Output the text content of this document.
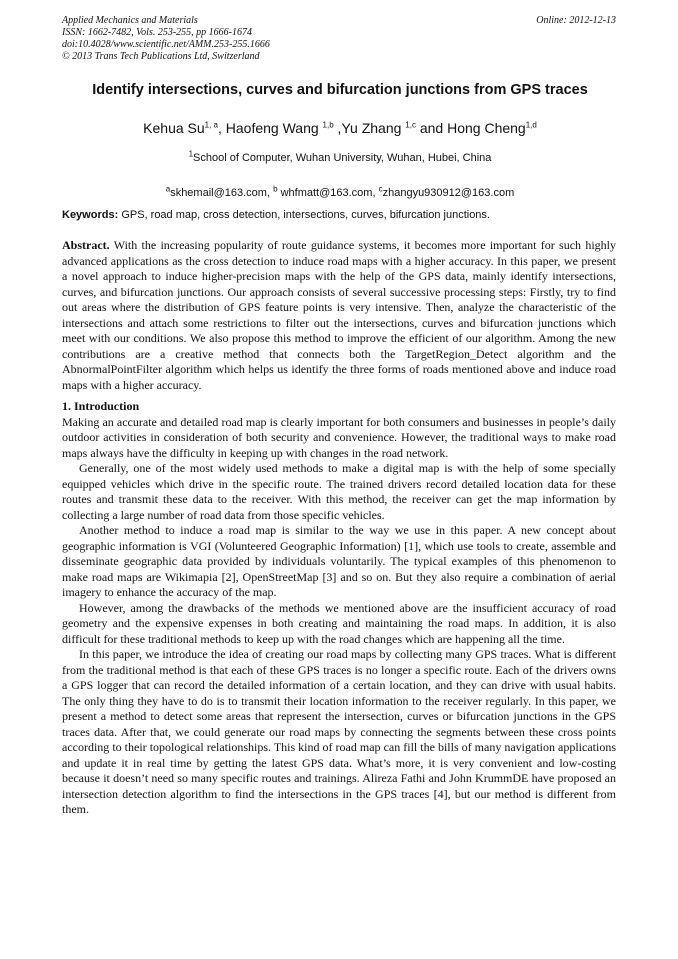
Applied Mechanics and Materials
ISSN: 1662-7482, Vols. 253-255, pp 1666-1674
doi:10.4028/www.scientific.net/AMM.253-255.1666
© 2013 Trans Tech Publications Ltd, Switzerland
Online: 2012-12-13
Identify intersections, curves and bifurcation junctions from GPS traces
Kehua Su$^{1, a}$, Haofeng Wang $^{1,b}$ ,Yu Zhang $^{1,c}$ and Hong Cheng$^{1,d}$
$^1$School of Computer, Wuhan University, Wuhan, Hubei, China
$^a$skhemail@163.com, $^b$ whfmatt@163.com, $^c$zhangyu930912@163.com
Keywords: GPS, road map, cross detection, intersections, curves, bifurcation junctions.

Abstract. With the increasing popularity of route guidance systems, it becomes more important for such highly advanced applications as the cross detection to induce road maps with a higher accuracy. In this paper, we present a novel approach to induce higher-precision maps with the help of the GPS data, mainly identify intersections, curves, and bifurcation junctions. Our approach consists of several successive processing steps: Firstly, try to find out areas where the distribution of GPS feature points is very intensive. Then, analyze the characteristic of the intersections and attach some restrictions to filter out the intersections, curves and bifurcation junctions which meet with our conditions. We also propose this method to improve the efficient of our algorithm. Among the new contributions are a creative method that connects both the TargetRegion_Detect algorithm and the AbnormalPointFilter algorithm which helps us identify the three forms of roads mentioned above and induce road maps with a higher accuracy.

1. Introduction

Making an accurate and detailed road map is clearly important for both consumers and businesses in people’s daily outdoor activities in consideration of both security and convenience. However, the traditional ways to make road maps always have the difficulty in keeping up with changes in the road network.

Generally, one of the most widely used methods to make a digital map is with the help of some specially equipped vehicles which drive in the specific route. The trained drivers record detailed location data for these routes and transmit these data to the receiver. With this method, the receiver can get the map information by collecting a large number of road data from those specific vehicles.

Another method to induce a road map is similar to the way we use in this paper. A new concept about geographic information is VGI (Volunteered Geographic Information) [1], which use tools to create, assemble and disseminate geographic data provided by individuals voluntarily. The typical examples of this phenomenon to make road maps are Wikimapia [2], OpenStreetMap [3] and so on. But they also require a combination of aerial imagery to enhance the accuracy of the map.

However, among the drawbacks of the methods we mentioned above are the insufficient accuracy of road geometry and the expensive expenses in both creating and maintaining the road maps. In addition, it is also difficult for these traditional methods to keep up with the road changes which are happening all the time.

In this paper, we introduce the idea of creating our road maps by collecting many GPS traces. What is different from the traditional method is that each of these GPS traces is no longer a specific route. Each of the drivers owns a GPS logger that can record the detailed information of a certain location, and they can drive with usual habits. The only thing they have to do is to transmit their location information to the receiver regularly. In this paper, we present a method to detect some areas that represent the intersection, curves or bifurcation junctions in the GPS traces data. After that, we could generate our road maps by connecting the segments between these cross points according to their topological relationships. This kind of road map can fill the bills of many navigation applications and update it in real time by getting the latest GPS data. What’s more, it is very convenient and low-costing because it doesn’t need so many specific routes and trainings. Alireza Fathi and John KrummDE have proposed an intersection detection algorithm to find the intersections in the GPS traces [4], but our method is different from them.
